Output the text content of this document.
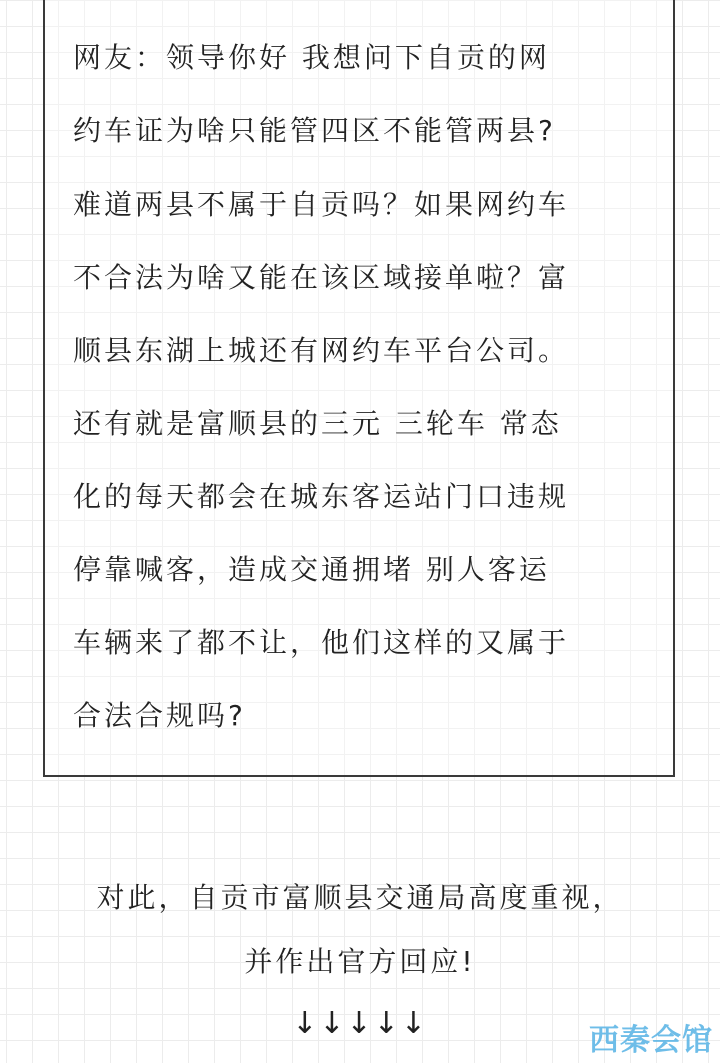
网友：领导你好 我想问下自贡的网
约车证为啥只能管四区不能管两县?
难道两县不属于自贡吗？如果网约车
不合法为啥又能在该区域接单啦？富
顺县东湖上城还有网约车平台公司。
还有就是富顺县的三元 三轮车 常态
化的每天都会在城东客运站门口违规
停靠喊客，造成交通拥堵 别人客运
车辆来了都不让，他们这样的又属于
合法合规吗?
对此，自贡市富顺县交通局高度重视，
并作出官方回应!
↓↓↓↓↓	西秦会馆
